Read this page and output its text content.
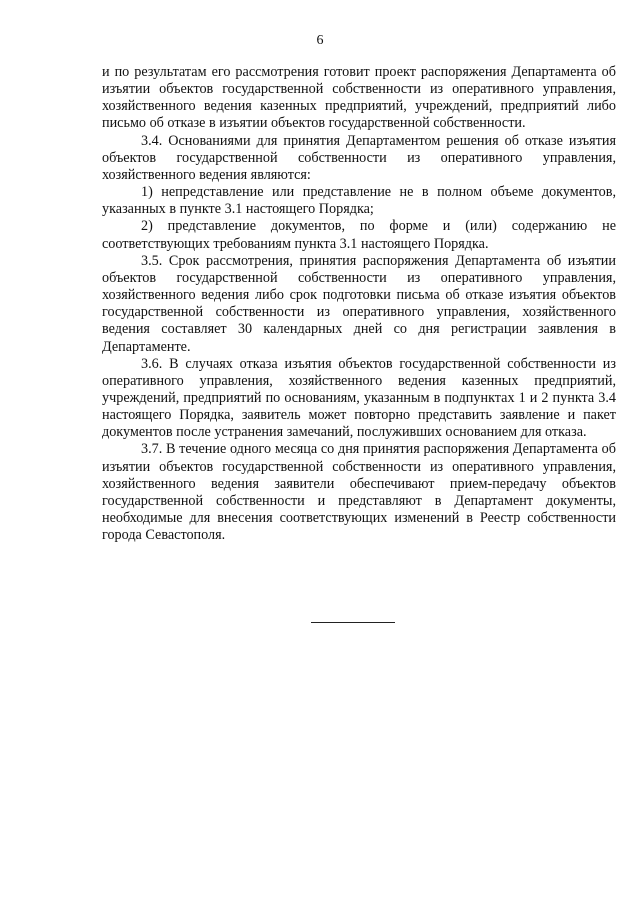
6

и по результатам его рассмотрения готовит проект распоряжения Департамента об изъятии объектов государственной собственности из оперативного управления, хозяйственного ведения казенных предприятий, учреждений, предприятий либо письмо об отказе в изъятии объектов государственной собственности.

3.4. Основаниями для принятия Департаментом решения об отказе изъятия объектов государственной собственности из оперативного управления, хозяйственного ведения являются:

1) непредставление или представление не в полном объеме документов, указанных в пункте 3.1 настоящего Порядка;

2) представление документов, по форме и (или) содержанию не соответствующих требованиям пункта 3.1 настоящего Порядка.

3.5. Срок рассмотрения, принятия распоряжения Департамента об изъятии объектов государственной собственности из оперативного управления, хозяйственного ведения либо срок подготовки письма об отказе изъятия объектов государственной собственности из оперативного управления, хозяйственного ведения составляет 30 календарных дней со дня регистрации заявления в Департаменте.

3.6. В случаях отказа изъятия объектов государственной собственности из оперативного управления, хозяйственного ведения казенных предприятий, учреждений, предприятий по основаниям, указанным в подпунктах 1 и 2 пункта 3.4 настоящего Порядка, заявитель может повторно представить заявление и пакет документов после устранения замечаний, послуживших основанием для отказа.

3.7. В течение одного месяца со дня принятия распоряжения Департамента об изъятии объектов государственной собственности из оперативного управления, хозяйственного ведения заявители обеспечивают прием-передачу объектов государственной собственности и представляют в Департамент документы, необходимые для внесения соответствующих изменений в Реестр собственности города Севастополя.
